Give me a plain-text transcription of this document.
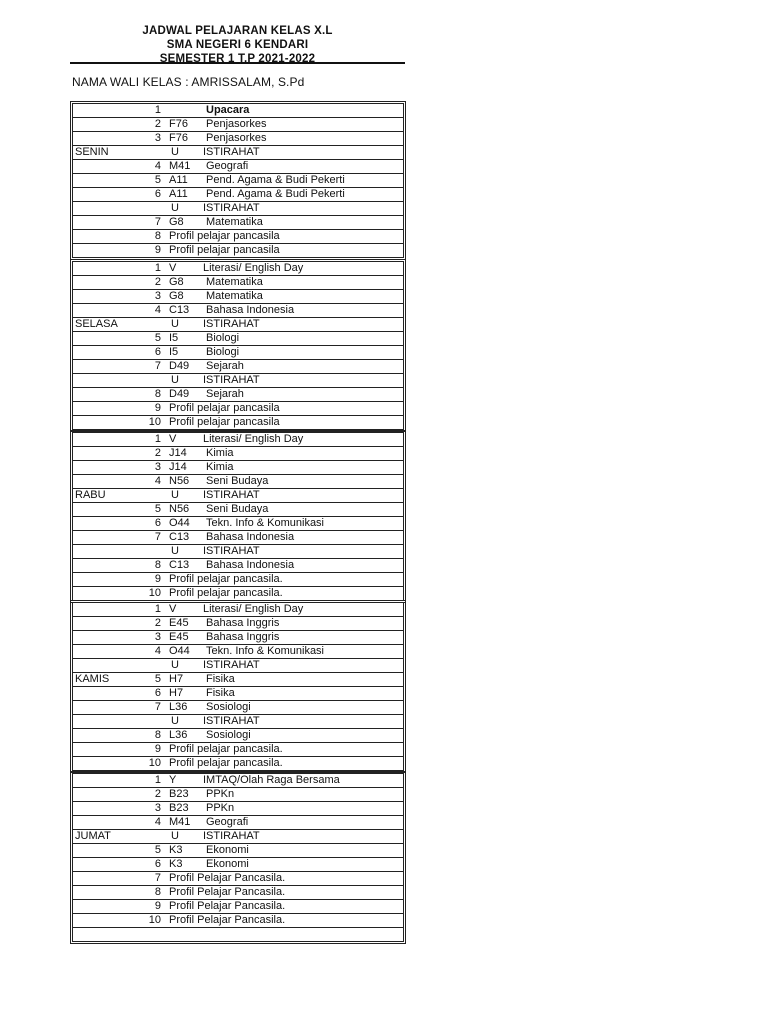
JADWAL PELAJARAN KELAS X.L
SMA NEGERI 6 KENDARI
SEMESTER 1 T.P 2021-2022
NAMA WALI KELAS : AMRISSALAM, S.Pd
1	Upacara
2 F76 Penjasorkes
3 F76 Penjasorkes
SENIN	U ISTIRAHAT
4 M41 Geografi
5 A11 Pend. Agama & Budi Pekerti
6 A11 Pend. Agama & Budi Pekerti
U ISTIRAHAT
7 G8 Matematika
8 Profil pelajar pancasila
9 Profil pelajar pancasila
1 V Literasi/ English Day
2 G8 Matematika
3 G8 Matematika
4 C13 Bahasa Indonesia
SELASA	U ISTIRAHAT
5 I5	Biologi
6 I5	Biologi
7 D49 Sejarah
U ISTIRAHAT
8 D49 Sejarah
9 Profil pelajar pancasila
10 Profil pelajar pancasila
1 V Literasi/ English Day
2 J14 Kimia
3 J14 Kimia
4 N56 Seni Budaya
RABU	U ISTIRAHAT
5 N56 Seni Budaya
6 O44 Tekn. Info & Komunikasi
7 C13 Bahasa Indonesia
U ISTIRAHAT
8 C13 Bahasa Indonesia
9 Profil pelajar pancasila.
10 Profil pelajar pancasila.
1 V Literasi/ English Day
2 E45 Bahasa Inggris
3 E45 Bahasa Inggris
4 O44 Tekn. Info & Komunikasi
U ISTIRAHAT
KAMIS	5 H7 Fisika
6 H7 Fisika
7 L36 Sosiologi
U ISTIRAHAT
8 L36 Sosiologi
9 Profil pelajar pancasila.
10 Profil pelajar pancasila.
1 Y IMTAQ/Olah Raga Bersama
2 B23 PPKn
3 B23 PPKn
4 M41 Geografi
JUMAT	U ISTIRAHAT
5 K3 Ekonomi
6 K3 Ekonomi
7 Profil Pelajar Pancasila.
8 Profil Pelajar Pancasila.
9 Profil Pelajar Pancasila.
10 Profil Pelajar Pancasila.
